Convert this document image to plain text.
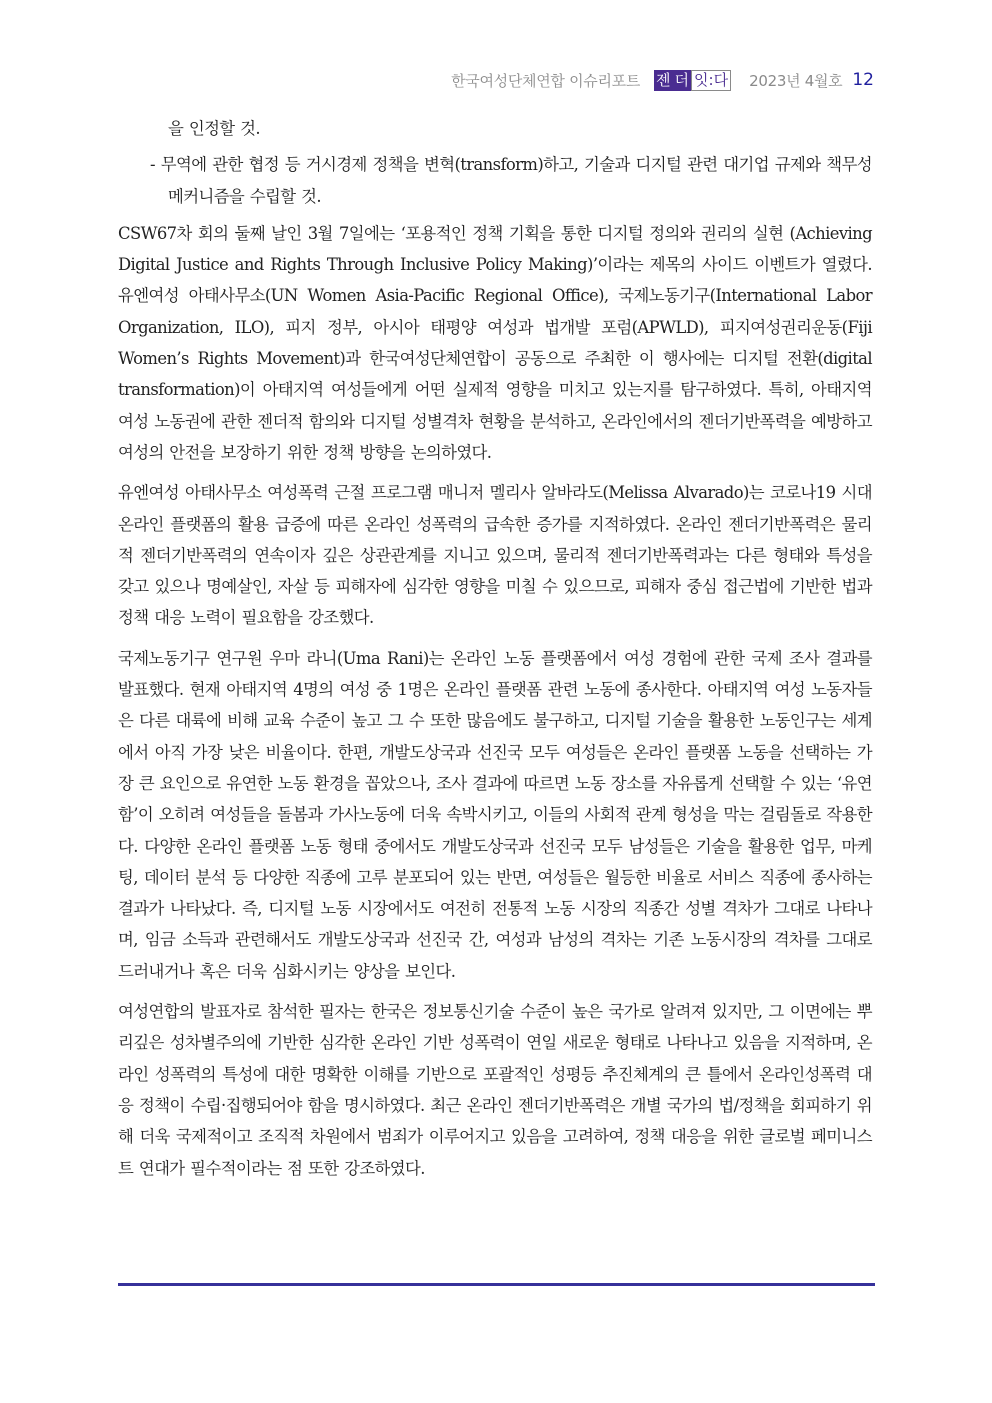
한국여성단체연합 이슈리포트 젠 더 잇:다 2023년 4월호 12

을 인정할 것.

- 무역에 관한 협정 등 거시경제 정책을 변혁(transform)하고, 기술과 디지털 관련 대기업 규제와 책무성 메커니즘을 수립할 것.

CSW67차 회의 둘째 날인 3월 7일에는 ‘포용적인 정책 기획을 통한 디지털 정의와 권리의 실현 (Achieving Digital Justice and Rights Through Inclusive Policy Making)’이라는 제목의 사이드 이벤트가 열렸다. 유엔여성 아태사무소(UN Women Asia-Pacific Regional Office), 국제노동기구(International Labor Organization, ILO), 피지 정부, 아시아 태평양 여성과 법개발 포럼(APWLD), 피지여성권리운동(Fiji Women’s Rights Movement)과 한국여성단체연합이 공동으로 주최한 이 행사에는 디지털 전환(digital transformation)이 아태지역 여성들에게 어떤 실제적 영향을 미치고 있는지를 탐구하였다. 특히, 아태지역 여성 노동권에 관한 젠더적 함의와 디지털 성별격차 현황을 분석하고, 온라인에서의 젠더기반폭력을 예방하고 여성의 안전을 보장하기 위한 정책 방향을 논의하였다.

유엔여성 아태사무소 여성폭력 근절 프로그램 매니저 멜리사 알바라도(Melissa Alvarado)는 코로나19 시대 온라인 플랫폼의 활용 급증에 따른 온라인 성폭력의 급속한 증가를 지적하였다. 온라인 젠더기반폭력은 물리적 젠더기반폭력의 연속이자 깊은 상관관계를 지니고 있으며, 물리적 젠더기반폭력과는 다른 형태와 특성을 갖고 있으나 명예살인, 자살 등 피해자에 심각한 영향을 미칠 수 있으므로, 피해자 중심 접근법에 기반한 법과 정책 대응 노력이 필요함을 강조했다.

국제노동기구 연구원 우마 라니(Uma Rani)는 온라인 노동 플랫폼에서 여성 경험에 관한 국제 조사 결과를 발표했다. 현재 아태지역 4명의 여성 중 1명은 온라인 플랫폼 관련 노동에 종사한다. 아태지역 여성 노동자들은 다른 대륙에 비해 교육 수준이 높고 그 수 또한 많음에도 불구하고, 디지털 기술을 활용한 노동인구는 세계에서 아직 가장 낮은 비율이다. 한편, 개발도상국과 선진국 모두 여성들은 온라인 플랫폼 노동을 선택하는 가장 큰 요인으로 유연한 노동 환경을 꼽았으나, 조사 결과에 따르면 노동 장소를 자유롭게 선택할 수 있는 ‘유연함’이 오히려 여성들을 돌봄과 가사노동에 더욱 속박시키고, 이들의 사회적 관계 형성을 막는 걸림돌로 작용한다. 다양한 온라인 플랫폼 노동 형태 중에서도 개발도상국과 선진국 모두 남성들은 기술을 활용한 업무, 마케팅, 데이터 분석 등 다양한 직종에 고루 분포되어 있는 반면, 여성들은 월등한 비율로 서비스 직종에 종사하는 결과가 나타났다. 즉, 디지털 노동 시장에서도 여전히 전통적 노동 시장의 직종간 성별 격차가 그대로 나타나며, 임금 소득과 관련해서도 개발도상국과 선진국 간, 여성과 남성의 격차는 기존 노동시장의 격차를 그대로 드러내거나 혹은 더욱 심화시키는 양상을 보인다.

여성연합의 발표자로 참석한 필자는 한국은 정보통신기술 수준이 높은 국가로 알려져 있지만, 그 이면에는 뿌리깊은 성차별주의에 기반한 심각한 온라인 기반 성폭력이 연일 새로운 형태로 나타나고 있음을 지적하며, 온라인 성폭력의 특성에 대한 명확한 이해를 기반으로 포괄적인 성평등 추진체계의 큰 틀에서 온라인성폭력 대응 정책이 수립·집행되어야 함을 명시하였다. 최근 온라인 젠더기반폭력은 개별 국가의 법/정책을 회피하기 위해 더욱 국제적이고 조직적 차원에서 범죄가 이루어지고 있음을 고려하여, 정책 대응을 위한 글로벌 페미니스트 연대가 필수적이라는 점 또한 강조하였다.
